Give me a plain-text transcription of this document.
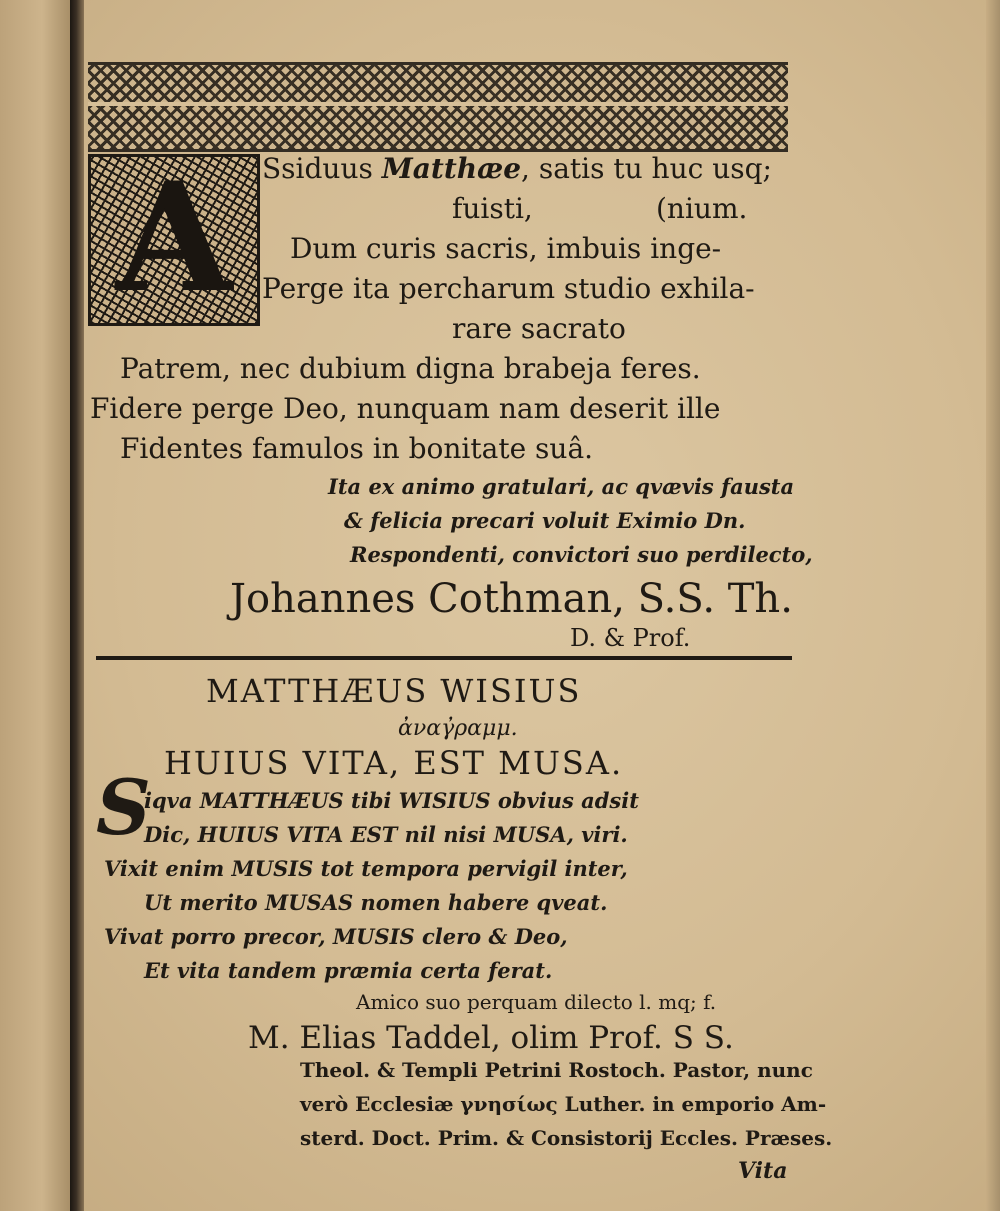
A	Ssiduus Matthæe, satis tu huc usq;
fuisti,	(nium.
Dum curis sacris, imbuis inge-
Perge ita percharum studio exhila-
rare sacrato
Patrem, nec dubium digna brabeja feres.
Fidere perge Deo, nunquam nam deserit ille
Fidentes famulos in bonitate suâ.
Ita ex animo gratulari, ac qvævis fausta
& felicia precari voluit Eximio Dn.
Respondenti, convictori suo perdilecto,
Johannes Cothman, S.S. Th.
D. & Prof.
MATTHÆUS WISIUS
ἀναγ̓ραμμ.
HUIUS VITA, EST MUSA.
S
iqva MATTHÆUS tibi WISIUS obvius adsit
Dic, HUIUS VITA EST nil nisi MUSA, viri.
Vixit enim MUSIS tot tempora pervigil inter,
Ut merito MUSAS nomen habere qveat.
Vivat porro precor, MUSIS clero & Deo,
Et vita tandem præmia certa ferat.
Amico suo perquam dilecto l. mq; f.
M. Elias Taddel, olim Prof. S S.
Theol. & Templi Petrini Rostoch. Pastor, nunc
verò Ecclesiæ γνησίως Luther. in emporio Am-
sterd. Doct. Prim. & Consistorij Eccles. Præses.
Vita
